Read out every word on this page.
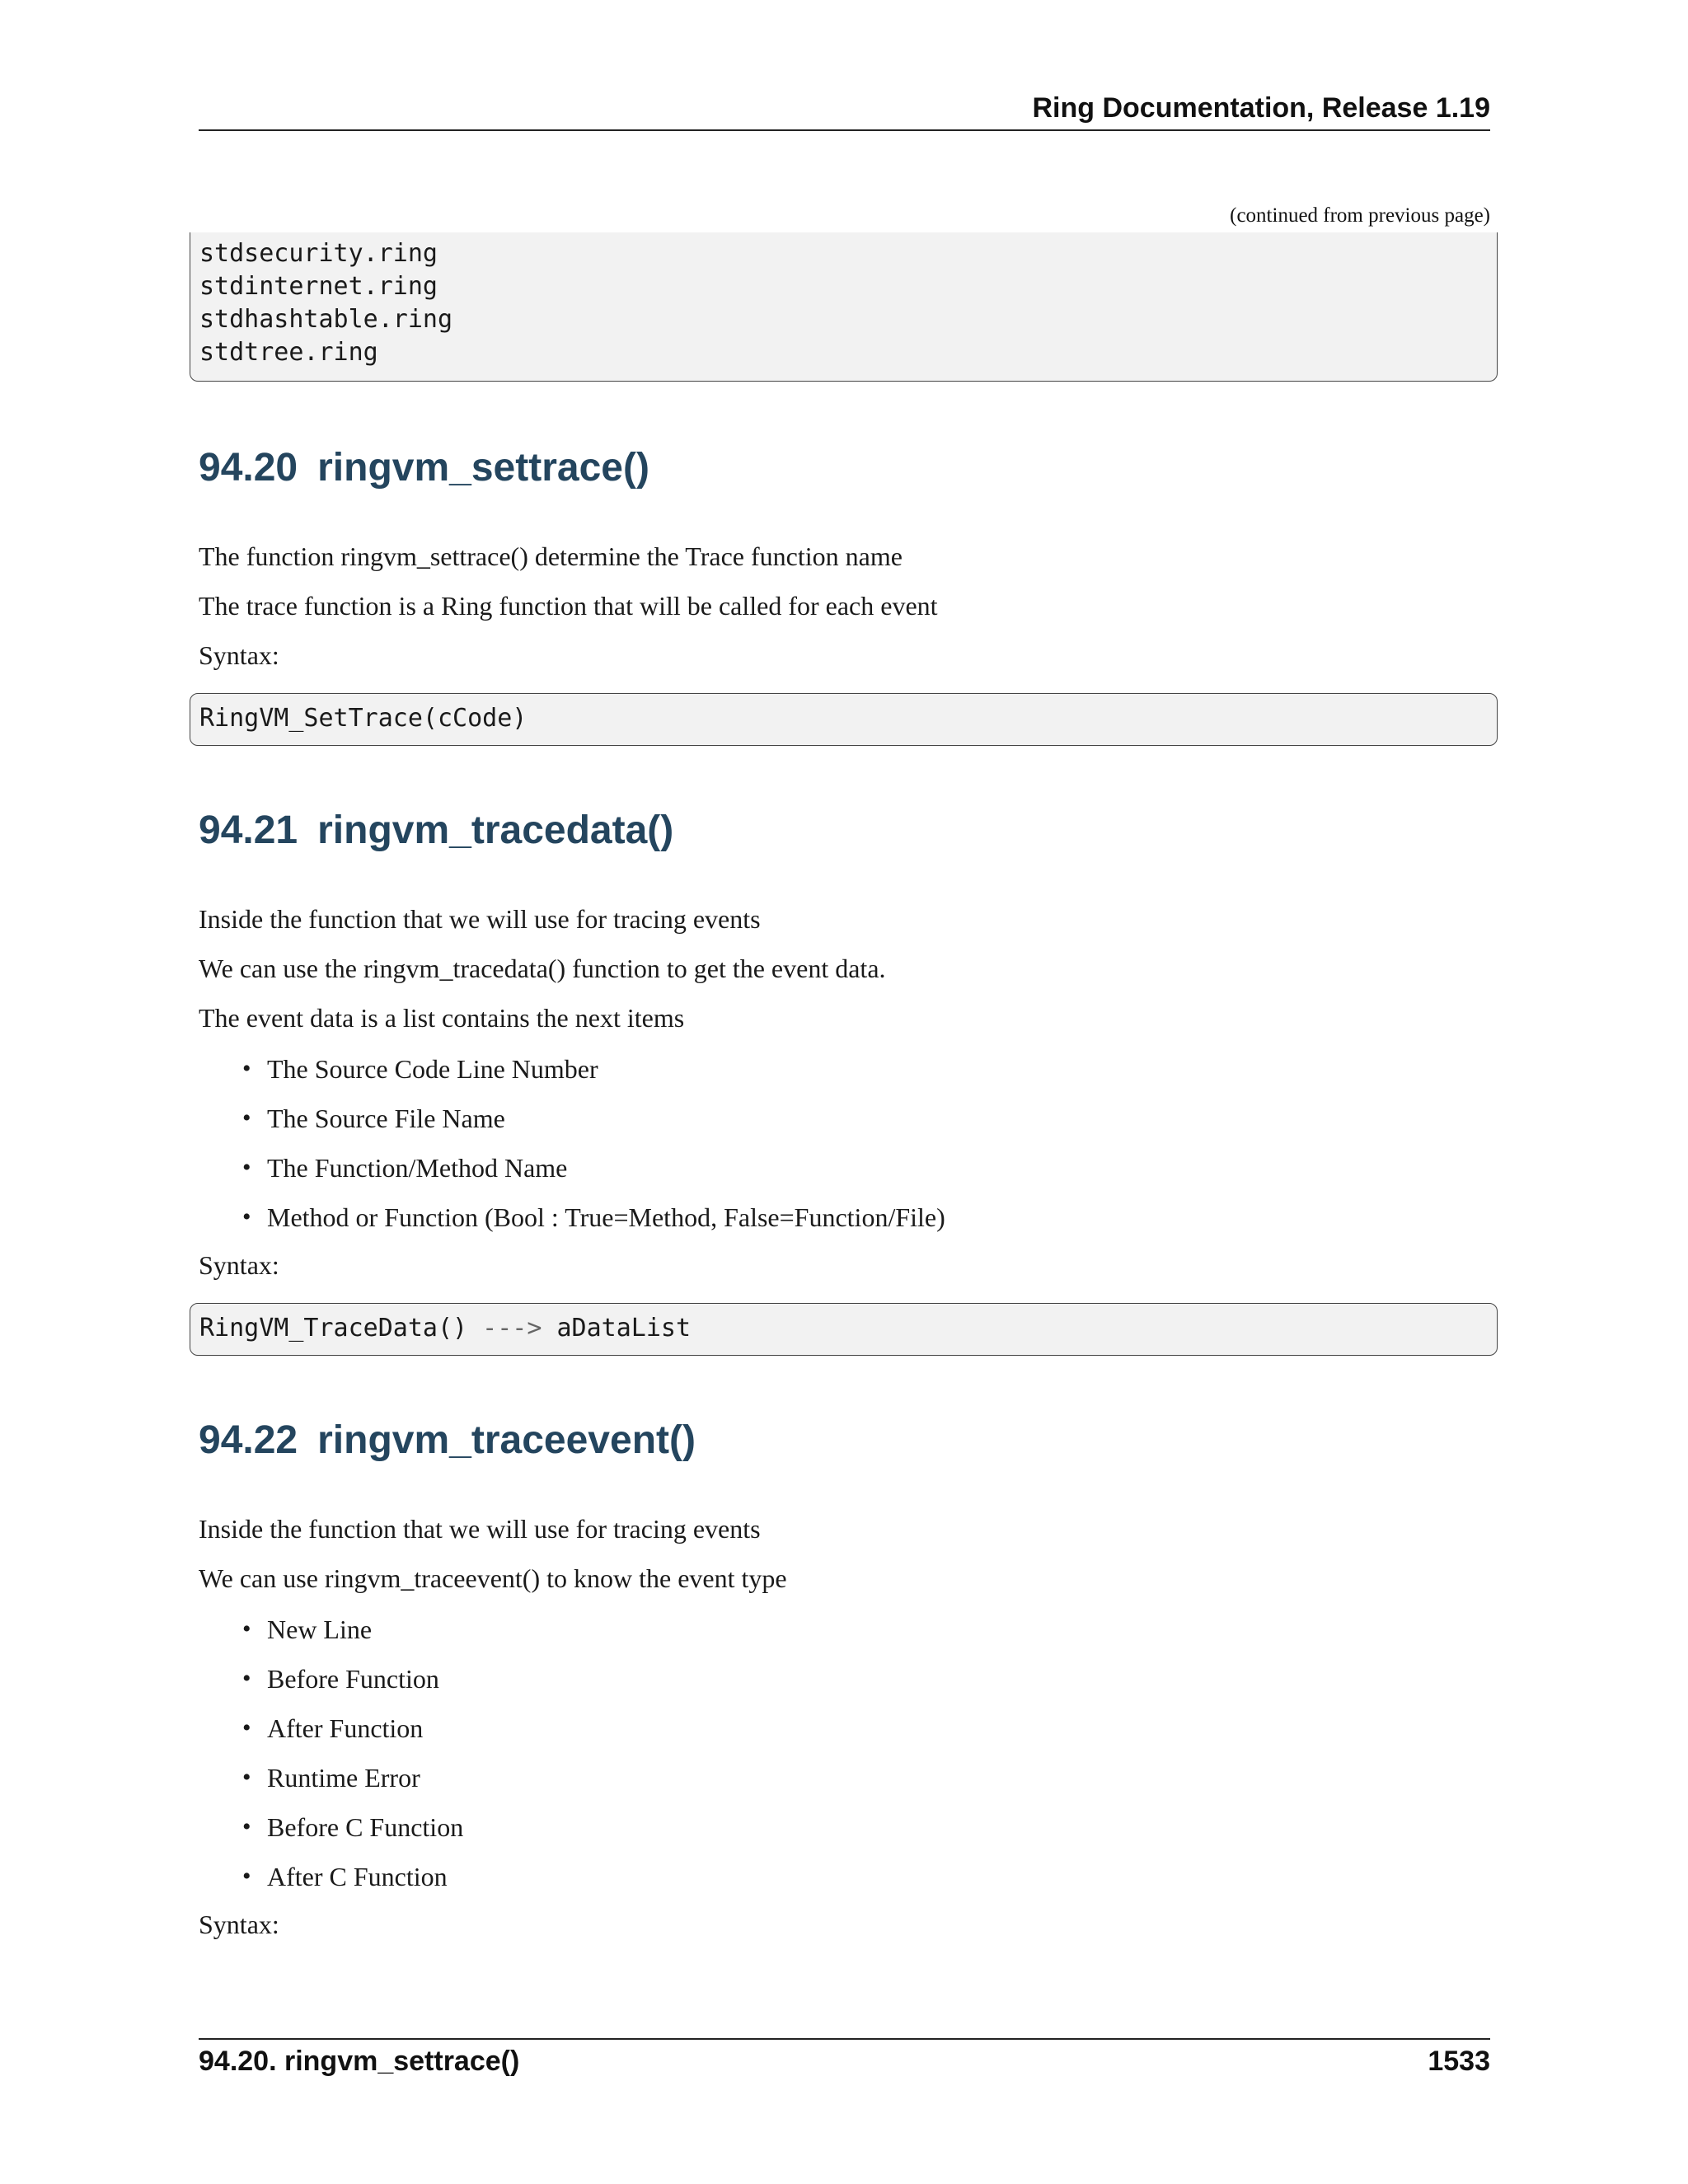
Ring Documentation, Release 1.19
(continued from previous page)
stdsecurity.ring
stdinternet.ring
stdhashtable.ring
stdtree.ring
94.20 ringvm_settrace()
The function ringvm_settrace() determine the Trace function name
The trace function is a Ring function that will be called for each event
Syntax:
RingVM_SetTrace(cCode)
94.21 ringvm_tracedata()
Inside the function that we will use for tracing events
We can use the ringvm_tracedata() function to get the event data.
The event data is a list contains the next items
• The Source Code Line Number
• The Source File Name
• The Function/Method Name
• Method or Function (Bool : True=Method, False=Function/File)
Syntax:
RingVM_TraceData() ---> aDataList
94.22 ringvm_traceevent()
Inside the function that we will use for tracing events
We can use ringvm_traceevent() to know the event type
• New Line
• Before Function
• After Function
• Runtime Error
• Before C Function
• After C Function
Syntax:
94.20. ringvm_settrace()	1533
